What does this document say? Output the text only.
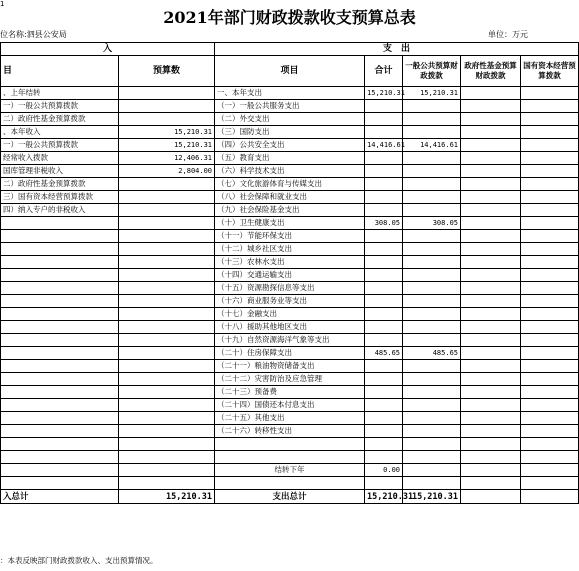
1
2021年部门财政拨款收支预算总表
位名称:泗县公安局	单位：万元
入		支　出				
目	预算数	项目	合计	一般公共预算财政拨款	政府性基金预算财政拨款	国有资本经营预算拨款
、上年结转		一、本年支出	15,210.31	15,210.31		
一）一般公共预算拨款		（一）一般公共服务支出				
二）政府性基金预算拨款		（二）外交支出				
、本年收入	15,210.31	（三）国防支出				
一）一般公共预算拨款	15,210.31	（四）公共安全支出	14,416.61	14,416.61		
经常收入拨款	12,406.31	（五）教育支出				
国库管理非税收入	2,804.00	（六）科学技术支出				
二）政府性基金预算拨款		（七）文化旅游体育与传媒支出				
三）国有资本经营预算拨款		（八）社会保障和就业支出				
四）纳入专户的非税收入		（九）社会保险基金支出				
		（十）卫生健康支出	308.05	308.05		
		（十一）节能环保支出				
		（十二）城乡社区支出				
		（十三）农林水支出				
		（十四）交通运输支出				
		（十五）资源勘探信息等支出				
		（十六）商业服务业等支出				
		（十七）金融支出				
		（十八）援助其他地区支出				
		（十九）自然资源海洋气象等支出				
		（二十）住房保障支出	485.65	485.65		
		（二十一）粮油物资储备支出				
		（二十二）灾害防治及应急管理				
		（二十三）预备费				
		（二十四）国债还本付息支出				
		（二十五）其他支出				
		（二十六）转移性支出				

		结转下年	0.00			

入总计	15,210.31	支出总计	15,210.31	15,210.31		
：本表反映部门财政拨款收入、支出预算情况。
